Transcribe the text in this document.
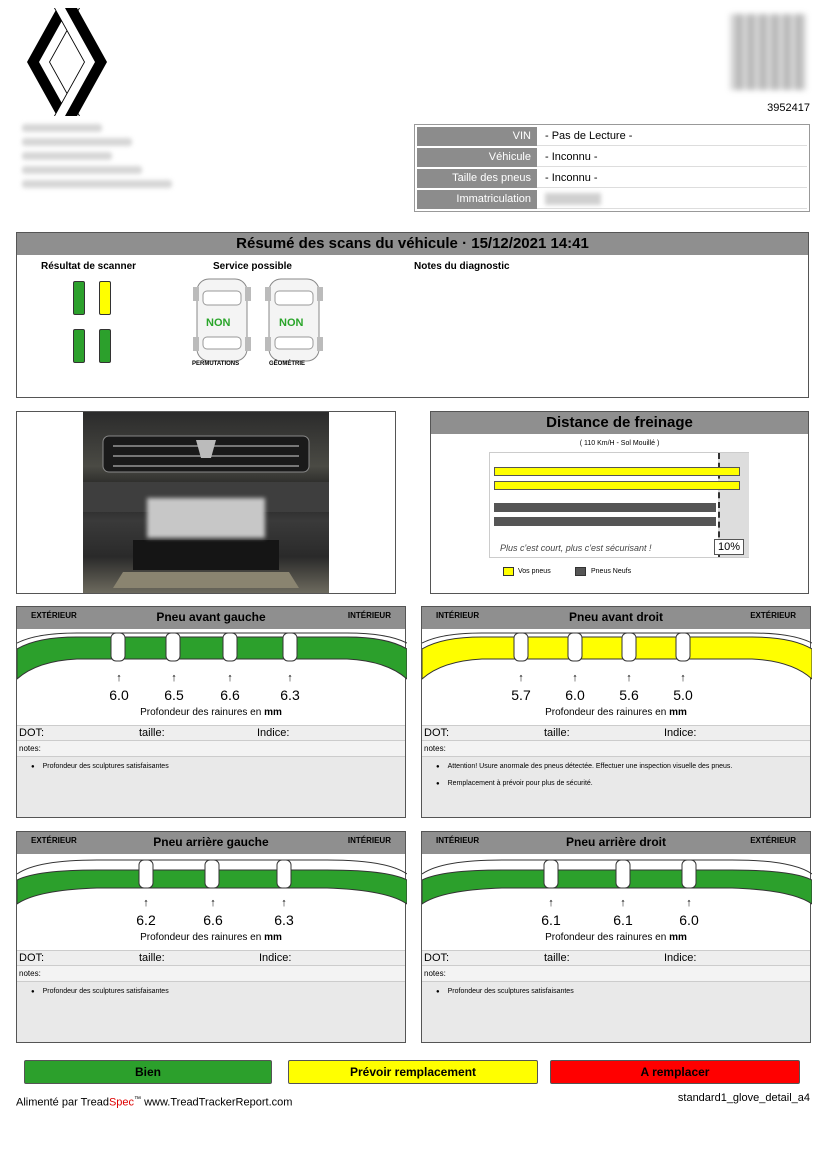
3952417
VIN	- Pas de Lecture -
Véhicule	- Inconnu -
Taille des pneus	- Inconnu -
Immatriculation
Résumé des scans du véhicule · 15/12/2021 14:41
Résultat de scanner	Service possible	Notes du diagnostic
NON
PERMUTATIONS
NON
GÉOMÉTRIE
Distance de freinage
( 110 Km/H - Sol Mouillé )
Plus c'est court, plus c'est sécurisant !	10%
Vos pneus	Pneus Neufs
EXTÉRIEUR	INTÉRIEUR
Pneu avant gauche
↑	↑	↑	↑
6.0	6.5	6.6	6.3
Profondeur des rainures en mm
DOT:	taille:	Indice:
notes:
● Profondeur des sculptures satisfaisantes
INTÉRIEUR	EXTÉRIEUR
Pneu avant droit
↑	↑	↑	↑
5.7	6.0	5.6	5.0
Profondeur des rainures en mm
DOT:	taille:	Indice:
notes:
● Attention! Usure anormale des pneus détectée. Effectuer une inspection visuelle des pneus.
● Remplacement à prévoir pour plus de sécurité.
EXTÉRIEUR	INTÉRIEUR
Pneu arrière gauche
↑	↑	↑
6.2	6.6	6.3
Profondeur des rainures en mm
DOT:	taille:	Indice:
notes:
● Profondeur des sculptures satisfaisantes
INTÉRIEUR	EXTÉRIEUR
Pneu arrière droit
↑	↑	↑
6.1	6.1	6.0
Profondeur des rainures en mm
DOT:	taille:	Indice:
notes:
● Profondeur des sculptures satisfaisantes
Bien	Prévoir remplacement	A remplacer
Alimenté par TreadSpec™ www.TreadTrackerReport.com	standard1_glove_detail_a4
